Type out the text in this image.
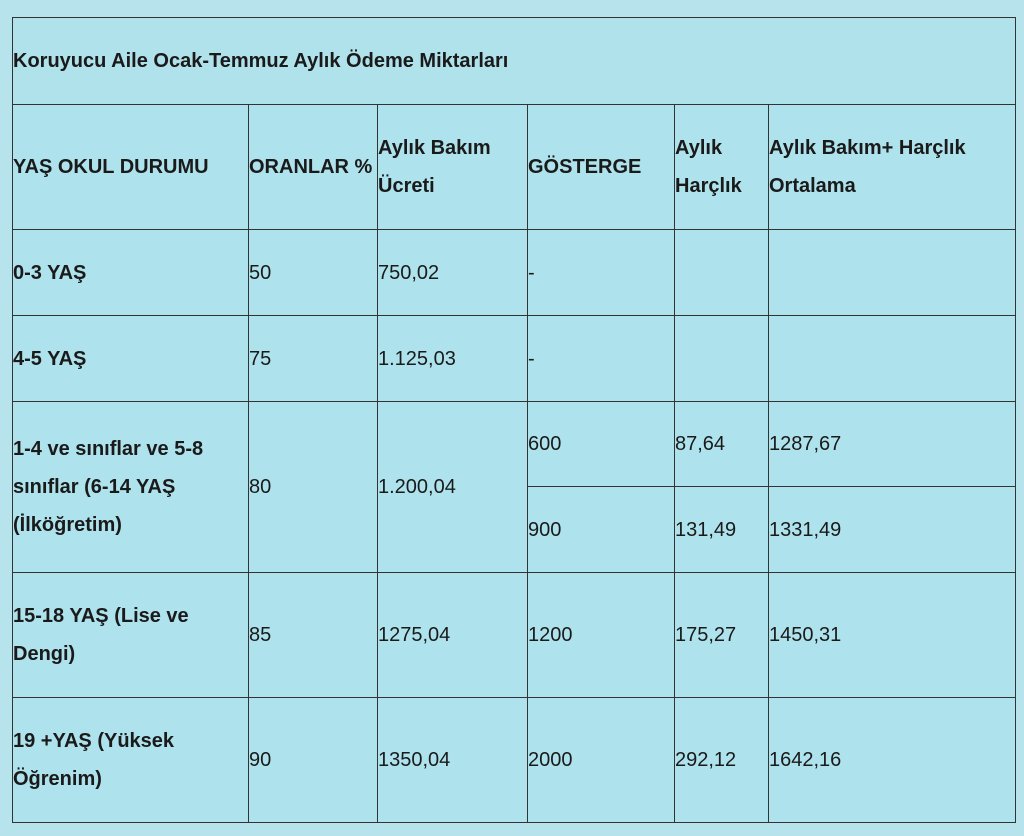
Koruyucu Aile Ocak-Temmuz Aylık Ödeme Miktarları					
YAŞ OKUL DURUMU	ORANLAR %	Aylık Bakım Ücreti	GÖSTERGE	Aylık Harçlık	Aylık Bakım+ Harçlık Ortalama
0-3 YAŞ	50	750,02	-		
4-5 YAŞ	75	1.125,03	-		
1-4 ve sınıflar ve 5-8 sınıflar (6-14 YAŞ (İlköğretim)	80	1.200,04	600	87,64	1287,67
			900	131,49	1331,49
15-18 YAŞ (Lise ve Dengi)	85	1275,04	1200	175,27	1450,31
19 +YAŞ (Yüksek Öğrenim)	90	1350,04	2000	292,12	1642,16
